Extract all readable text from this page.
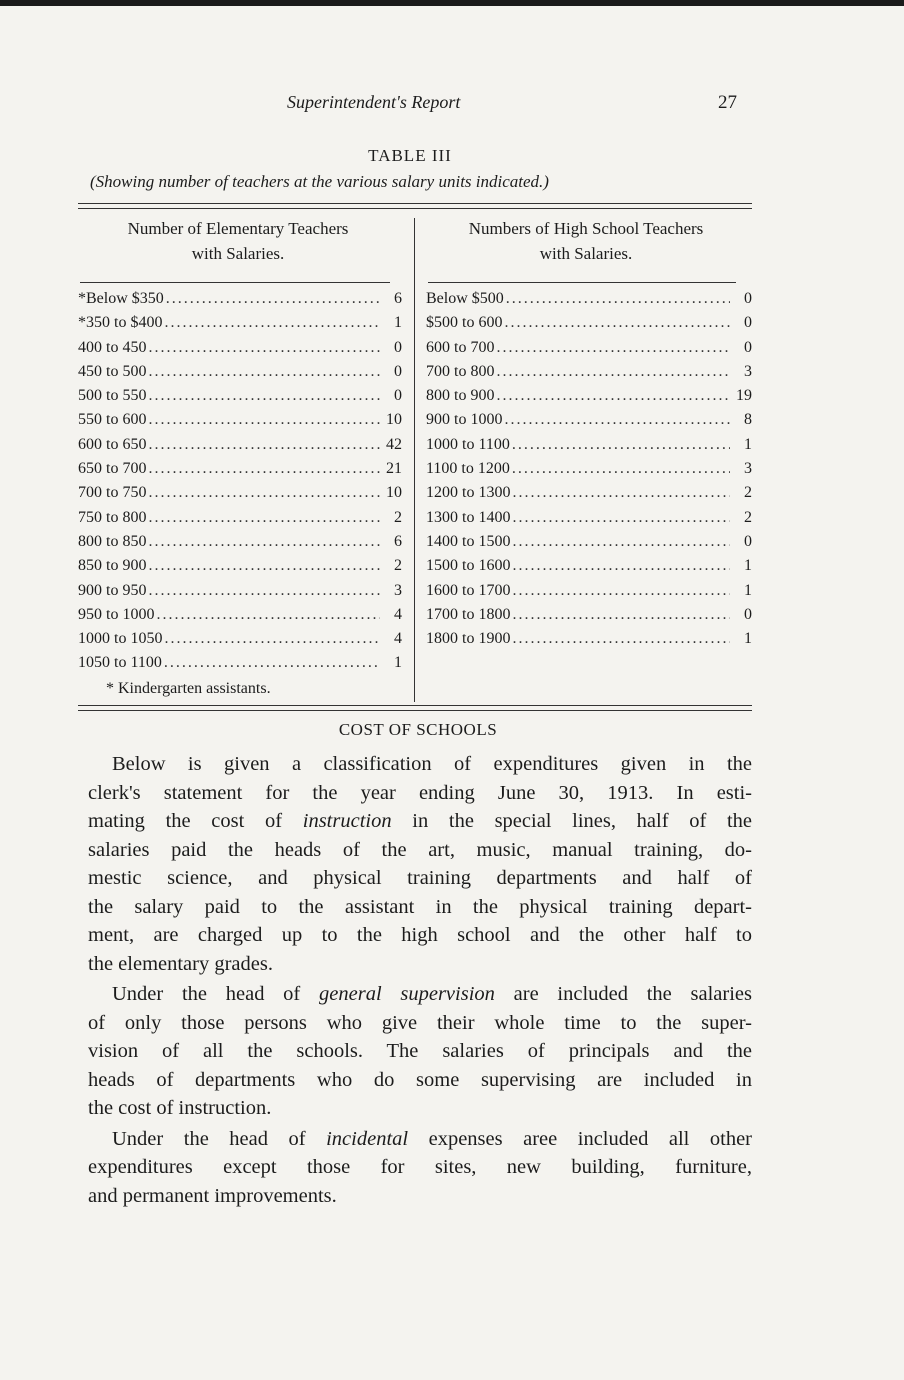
Superintendent's Report	27
TABLE III
(Showing number of teachers at the various salary units indicated.)
Number of Elementary Teachers
with Salaries.
Numbers of High School Teachers
with Salaries.
*Below $350 .....	6
*350 to $400 .....	1
400 to 450 .....	0
450 to 500 .....	0
500 to 550 .....	0
550 to 600 .....	10
600 to 650 .....	42
650 to 700 .....	21
700 to 750 .....	10
750 to 800 .....	2
800 to 850 .....	6
850 to 900 .....	2
900 to 950 .....	3
950 to 1000 .....	4
1000 to 1050 .....	4
1050 to 1100 .....	1
Below $500 .....	0
$500 to 600 .....	0
600 to 700 .....	0
700 to 800 .....	3
800 to 900 .....	19
900 to 1000 .....	8
1000 to 1100 .....	1
1100 to 1200 .....	3
1200 to 1300 .....	2
1300 to 1400 .....	2
1400 to 1500 .....	0
1500 to 1600 .....	1
1600 to 1700 .....	1
1700 to 1800 .....	0
1800 to 1900 .....	1
* Kindergarten assistants.
COST OF SCHOOLS

Below is given a classification of expenditures given in the
clerk's statement for the year ending June 30, 1913. In esti-
mating the cost of instruction in the special lines, half of the
salaries paid the heads of the art, music, manual training, do-
mestic science, and physical training departments and half of
the salary paid to the assistant in the physical training depart-
ment, are charged up to the high school and the other half to
the elementary grades.

Under the head of general supervision are included the salaries
of only those persons who give their whole time to the super-
vision of all the schools. The salaries of principals and the
heads of departments who do some supervising are included in
the cost of instruction.

Under the head of incidental expenses aree included all other
expenditures except those for sites, new building, furniture,
and permanent improvements.
